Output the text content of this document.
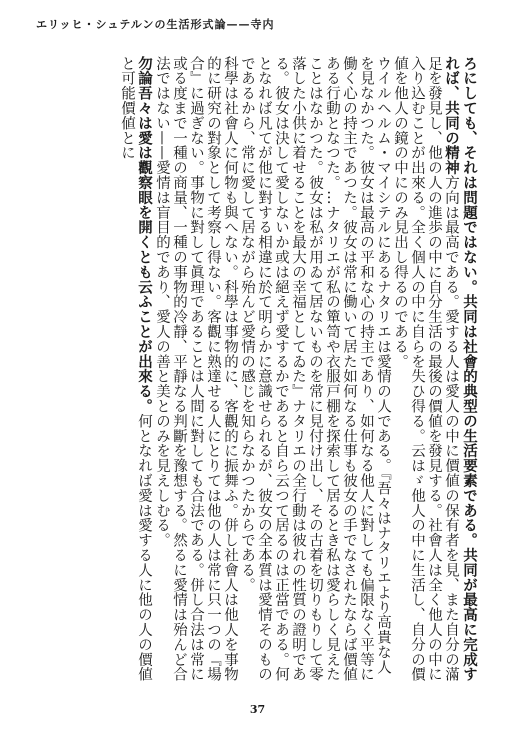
エリッヒ・シュテルンの生活形式論——寺内

ろにしても、それは問題ではない。共同は社會的典型の生活要素である。共同が最高に完成すれば、共同の精神方向は最高である。愛する人は愛人の中に價値の保有者を見、また自分の滿足を發見し、他の人の進歩の中に自分生活の最後の價値を發見する。社會人は全く他人の中に入り込むことが出來る。全く個人の中に自らを失ひ得る。云はゞ他人の中に生活し、自分の價値を他人の鏡の中にのみ見出し得るのである。

ウイルヘルム・マイシテルにあるナタリエは愛情の人である。『吾々はナタリエより高貴な人を見なかつた。彼女は最高の平和な心の持主であり、如何なる他人に對しても偏限なく平等に働く心の持主であつた。彼女は常に働いて居た如何なる仕事も彼女の手でなされたならば價値ある行動となつた。…ナタリエが私の簞笥や衣服戸棚を探索して居るとき私は愛らしく見えたことはなかつた。彼女は私が用ゐて居ないものを常に見付け出し、その古着を切りもりして零落した小供に着せることを最大の幸福としてゐた』ナタリエの全行動は彼れの性質の證明である。彼女は決して愛しないか或は絕えず愛するかであると自ら云つて居るのは正當である。何となれば凡てが他に對する相違に於て明らかに意識せられるが、彼女の全本質は愛情そのものであるから、常に愛して居ながら殆んど愛情の感じを知らなかつたからである。

科學は社會人に何物も與へない。科學は事物的に、客觀的に振舞ふ。併し社會人は他人を事物的に研究の對象として考察し得ない。客觀に熟達せる人にとりては他の人は常に只一つの『場合』に過ぎない。事物に對して眞理であることは人間に對しても合法である。併し合法は常に或る度まで一種の商量、一種の事物的冷靜、平靜なる判斷を豫想する。然るに愛情は殆んど合法ではない——愛情は盲目的であり、愛人の善と美とのみを見えしむる。

勿論吾々は愛は觀察眼を開くとも云ふことが出來る。何となれば愛は愛する人に他の人の價値と可能價値とに

37
